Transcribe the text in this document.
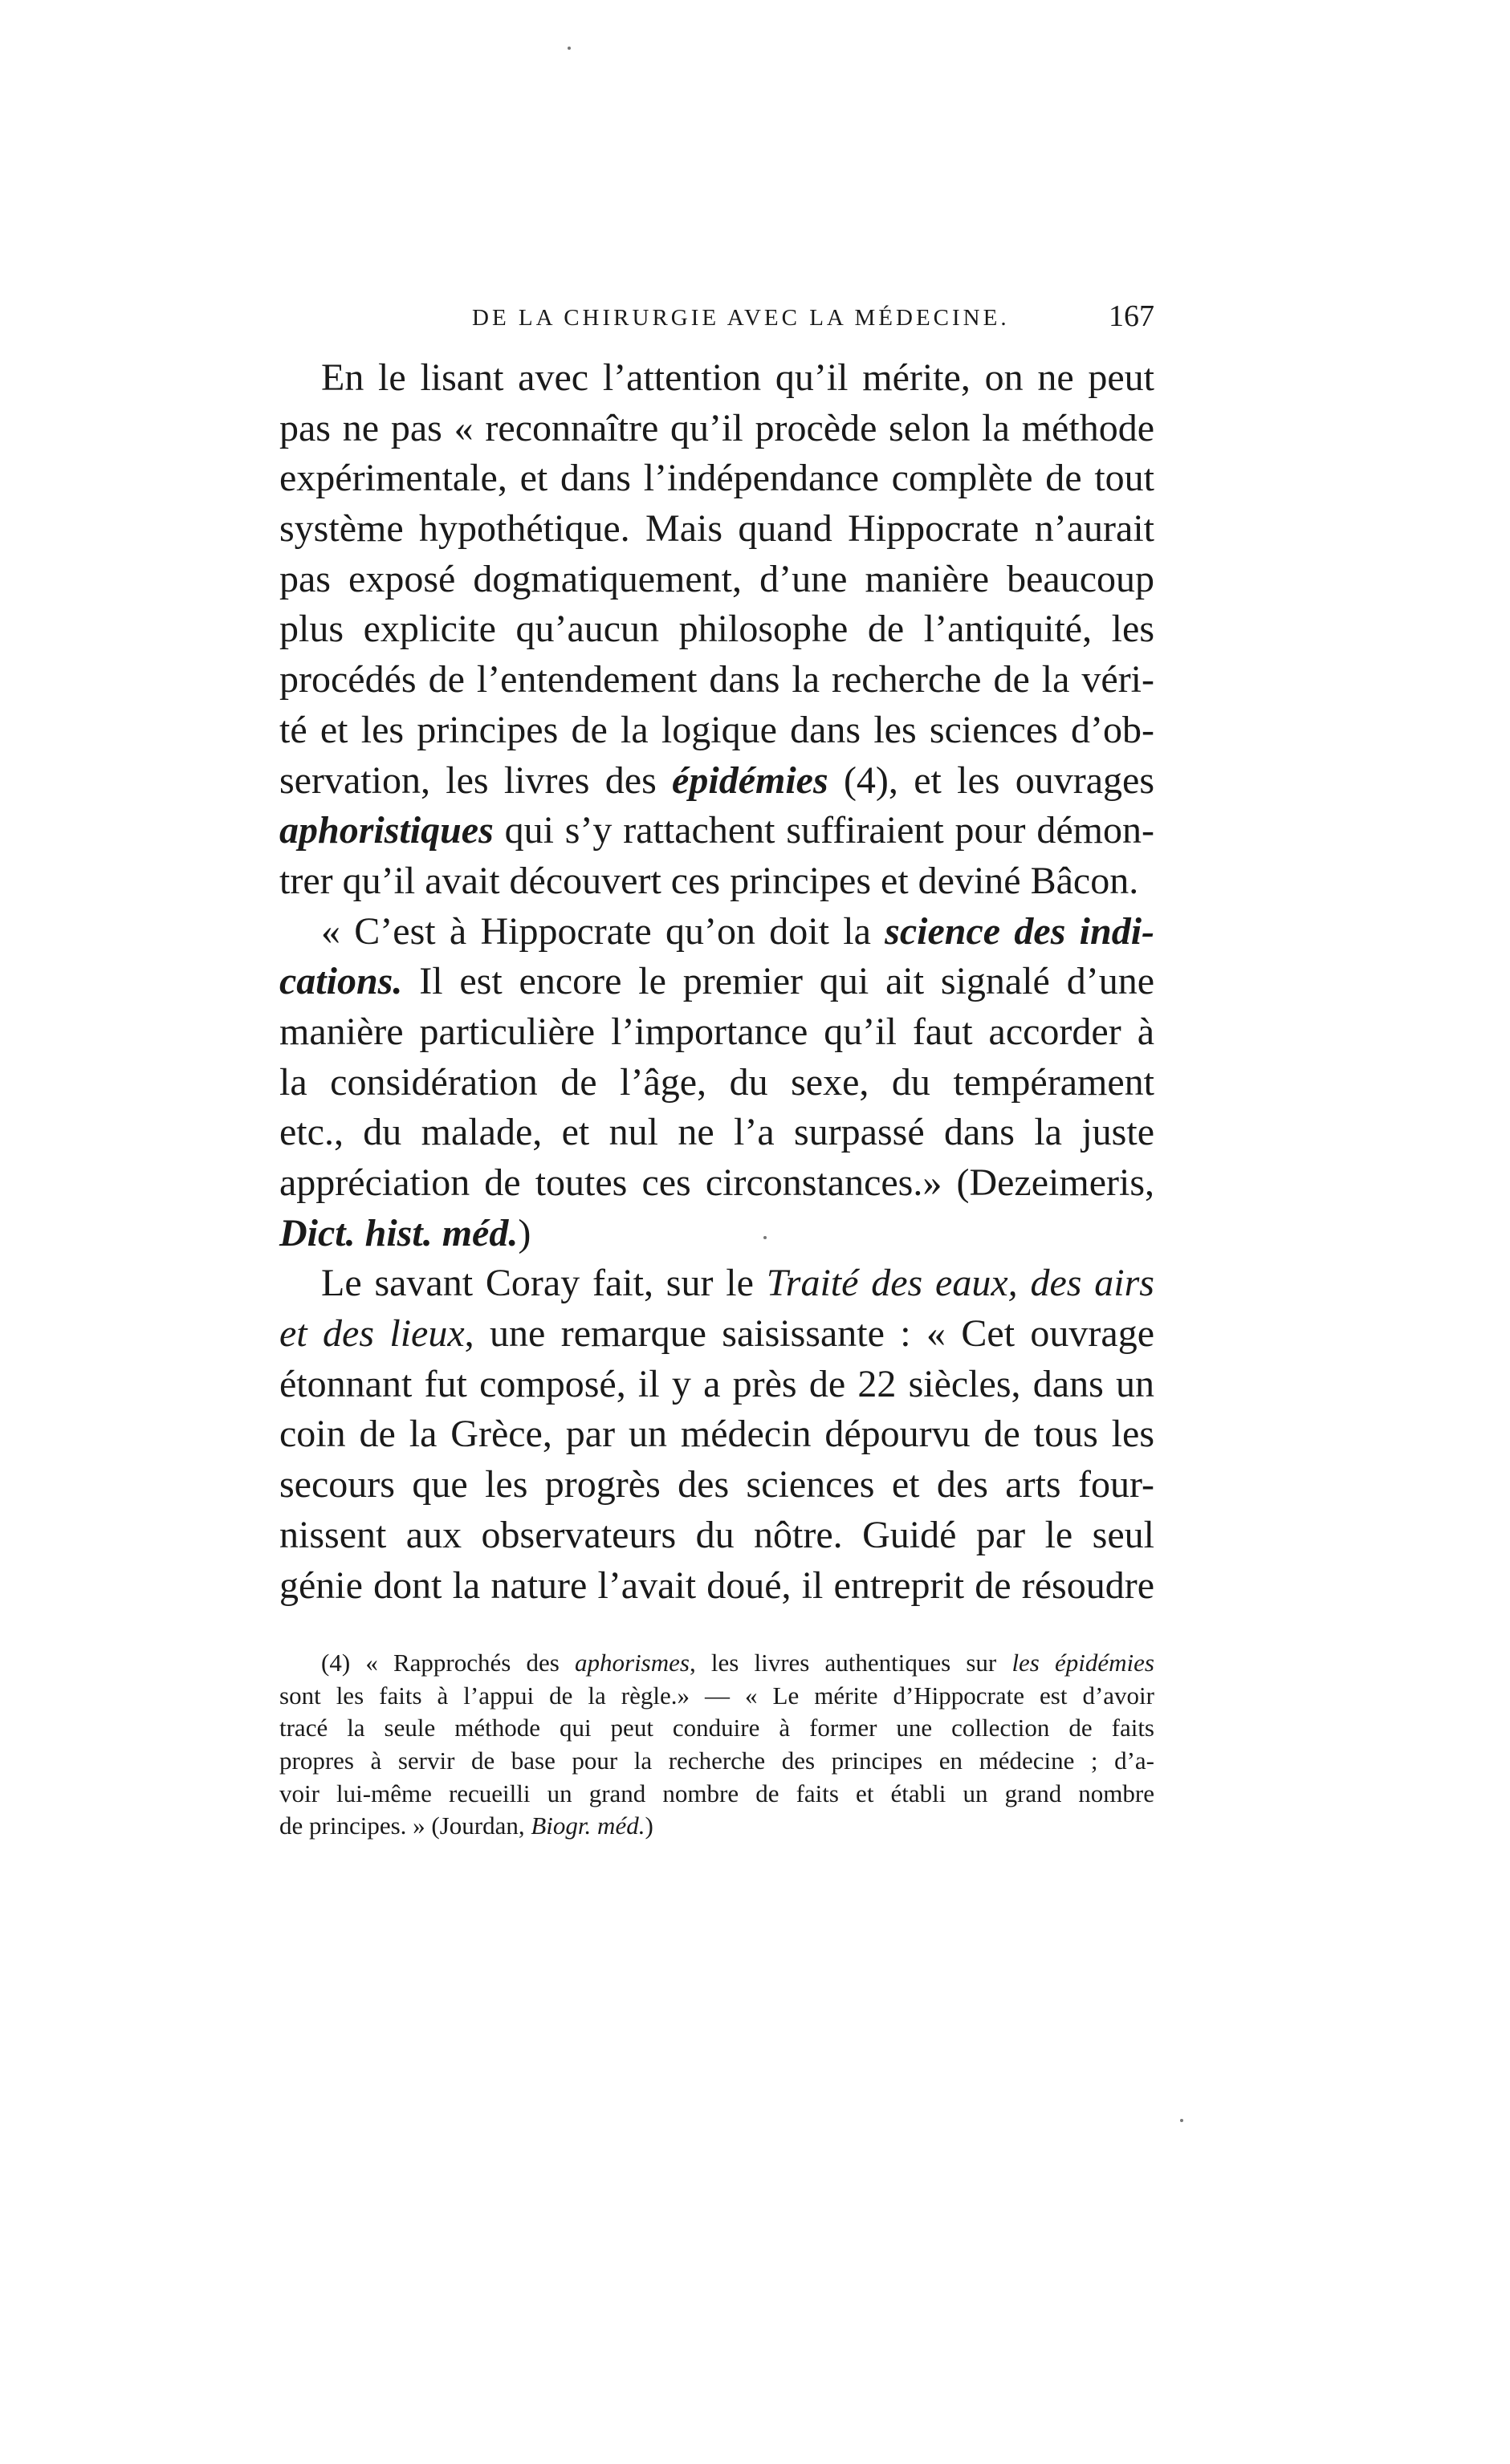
DE LA CHIRURGIE AVEC LA MÉDECINE.	167
En le lisant avec l’attention qu’il mérite, on ne peut
pas ne pas « reconnaître qu’il procède selon la méthode
expérimentale, et dans l’indépendance complète de tout
système hypothétique. Mais quand Hippocrate n’aurait
pas exposé dogmatiquement, d’une manière beaucoup
plus explicite qu’aucun philosophe de l’antiquité, les
procédés de l’entendement dans la recherche de la véri-
té et les principes de la logique dans les sciences d’ob-
servation, les livres des épidémies (4), et les ouvrages
aphoristiques qui s’y rattachent suffiraient pour démon-
trer qu’il avait découvert ces principes et deviné Bâcon.
« C’est à Hippocrate qu’on doit la science des indi-
cations. Il est encore le premier qui ait signalé d’une
manière particulière l’importance qu’il faut accorder à
la considération de l’âge, du sexe, du tempérament
etc., du malade, et nul ne l’a surpassé dans la juste
appréciation de toutes ces circonstances.» (Dezeimeris,
Dict. hist. méd.)
Le savant Coray fait, sur le Traité des eaux, des airs
et des lieux, une remarque saisissante : « Cet ouvrage
étonnant fut composé, il y a près de 22 siècles, dans un
coin de la Grèce, par un médecin dépourvu de tous les
secours que les progrès des sciences et des arts four-
nissent aux observateurs du nôtre. Guidé par le seul
génie dont la nature l’avait doué, il entreprit de résoudre
(4) « Rapprochés des aphorismes, les livres authentiques sur les épidémies
sont les faits à l’appui de la règle.» — « Le mérite d’Hippocrate est d’avoir
tracé la seule méthode qui peut conduire à former une collection de faits
propres à servir de base pour la recherche des principes en médecine ; d’a-
voir lui-même recueilli un grand nombre de faits et établi un grand nombre
de principes. » (Jourdan, Biogr. méd.)
